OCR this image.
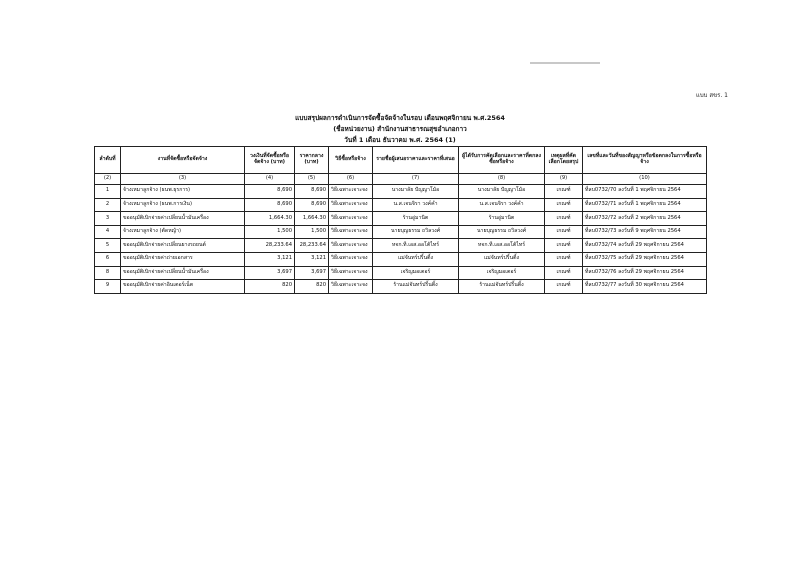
แบบ สขร. 1
แบบสรุปผลการดำเนินการจัดซื้อจัดจ้างในรอบ เดือนพฤศจิกายน พ.ศ.2564
(ชื่อหน่วยงาน) สำนักงานสาธารณสุขอำเภอกาว
วันที่ 1 เดือน ธันวาคม พ.ศ. 2564 (1)
ลำดับที่	งานที่จัดซื้อหรือจัดจ้าง	วงเงินที่จัดซื้อหรือจัดจ้าง (บาท)	ราคากลาง (บาท)	วิธีซื้อหรือจ้าง	รายชื่อผู้เสนอราคาและราคาที่เสนอ	ผู้ได้รับการคัดเลือกและราคาที่ตกลงซื้อหรือจ้าง	เหตุผลที่คัดเลือกโดยสรุป	เลขที่และวันที่ของสัญญาหรือข้อตกลงในการซื้อหรือจ้าง
(2)	(3)	(4)	(5)	(6)	(7)	(8)	(9)	(10)
1	จ้างเหมาลูกจ้าง (ธนพ.ธุรการ)	8,690	8,690	วิธีเฉพาะเจาะจง	นางมาลัย ปัญญาโม้อ	นางมาลัย ปัญญาโม้อ	เกณฑ์	ที่ลบ0732/70 ลงวันที่ 1 พฤศจิกายน 2564
2	จ้างเหมาลูกจ้าง (ธนพ.การเงิน)	8,690	8,690	วิธีเฉพาะเจาะจง	น.ส.เจนจิรา วงค์คำ	น.ส.เจนจิรา วงค์คำ	เกณฑ์	ที่ลบ0732/71 ลงวันที่ 1 พฤศจิกายน 2564
3	ขออนุมัติเบิกจ่ายค่าเปลี่ยนน้ำมันเครื่อง	1,664.30	1,664.30	วิธีเฉพาะเจาะจง	ร้านอู่มานิต	ร้านอู่มานิต	เกณฑ์	ที่ลบ0732/72 ลงวันที่ 2 พฤศจิกายน 2564
4	จ้างเหมาลูกจ้าง (ตัดหญ้า)	1,500	1,500	วิธีเฉพาะเจาะจง	นายบุญธรรม ถวิลวงศ์	นายบุญธรรม ถวิลวงศ์	เกณฑ์	ที่ลบ0732/73 ลงวันที่ 9 พฤศจิกายน 2564
5	ขออนุมัติเบิกจ่ายค่าเปลี่ยนยางรถยนต์	28,233.64	28,233.64	วิธีเฉพาะเจาะจง	หจก.ที.เอส.ออโต้ไทร์	หจก.ที.เอส.ออโต้ไทร์	เกณฑ์	ที่ลบ0732/74 ลงวันที่ 29 พฤศจิกายน 2564
6	ขออนุมัติเบิกจ่ายค่าถ่ายเอกสาร	3,121	3,121	วิธีเฉพาะเจาะจง	แม่จันทร์ปริ้นติ้ง	แม่จันทร์ปริ้นติ้ง	เกณฑ์	ที่ลบ0732/75 ลงวันที่ 29 พฤศจิกายน 2564
8	ขออนุมัติเบิกจ่ายค่าเปลี่ยนน้ำมันเครื่อง	3,697	3,697	วิธีเฉพาะเจาะจง	เจริญมอเตอร์	เจริญมอเตอร์	เกณฑ์	ที่ลบ0732/76 ลงวันที่ 29 พฤศจิกายน 2564
9	ขออนุมัติเบิกจ่ายค่าอินเตอร์เน็ต	820	820	วิธีเฉพาะเจาะจง	ร้านแม่จันทร์ปริ้นติ้ง	ร้านแม่จันทร์ปริ้นติ้ง	เกณฑ์	ที่ลบ0732/77 ลงวันที่ 30 พฤศจิกายน 2564
